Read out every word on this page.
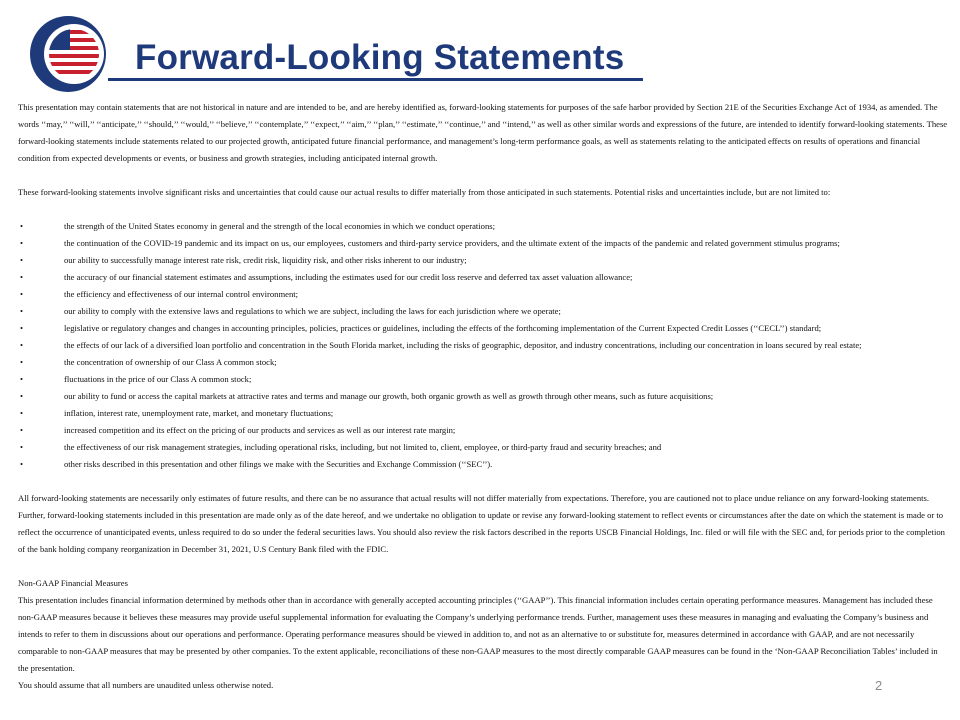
Forward-Looking Statements

This presentation may contain statements that are not historical in nature and are intended to be, and are hereby identified as, forward-looking statements for purposes of the safe harbor provided by Section 21E of the Securities Exchange Act of 1934, as amended. The words ‘‘may,’’ ‘‘will,’’ ‘‘anticipate,’’ ‘‘should,’’ ‘‘would,’’ ‘‘believe,’’ ‘‘contemplate,’’ ‘‘expect,’’ ‘‘aim,’’ ‘‘plan,’’ ‘‘estimate,’’ ‘‘continue,’’ and ‘‘intend,’’ as well as other similar words and expressions of the future, are intended to identify forward-looking statements. These forward-looking statements include statements related to our projected growth, anticipated future financial performance, and management’s long-term performance goals, as well as statements relating to the anticipated effects on results of operations and financial condition from expected developments or events, or business and growth strategies, including anticipated internal growth.

These forward-looking statements involve significant risks and uncertainties that could cause our actual results to differ materially from those anticipated in such statements. Potential risks and uncertainties include, but are not limited to:

•	the strength of the United States economy in general and the strength of the local economies in which we conduct operations;
•	the continuation of the COVID-19 pandemic and its impact on us, our employees, customers and third-party service providers, and the ultimate extent of the impacts of the pandemic and related government stimulus programs;
•	our ability to successfully manage interest rate risk, credit risk, liquidity risk, and other risks inherent to our industry;
•	the accuracy of our financial statement estimates and assumptions, including the estimates used for our credit loss reserve and deferred tax asset valuation allowance;
•	the efficiency and effectiveness of our internal control environment;
•	our ability to comply with the extensive laws and regulations to which we are subject, including the laws for each jurisdiction where we operate;
•	legislative or regulatory changes and changes in accounting principles, policies, practices or guidelines, including the effects of the forthcoming implementation of the Current Expected Credit Losses (‘‘CECL’’) standard;
•	the effects of our lack of a diversified loan portfolio and concentration in the South Florida market, including the risks of geographic, depositor, and industry concentrations, including our concentration in loans secured by real estate;
•	the concentration of ownership of our Class A common stock;
•	fluctuations in the price of our Class A common stock;
•	our ability to fund or access the capital markets at attractive rates and terms and manage our growth, both organic growth as well as growth through other means, such as future acquisitions;
•	inflation, interest rate, unemployment rate, market, and monetary fluctuations;
•	increased competition and its effect on the pricing of our products and services as well as our interest rate margin;
•	the effectiveness of our risk management strategies, including operational risks, including, but not limited to, client, employee, or third-party fraud and security breaches; and
•	other risks described in this presentation and other filings we make with the Securities and Exchange Commission (‘‘SEC’’).

All forward-looking statements are necessarily only estimates of future results, and there can be no assurance that actual results will not differ materially from expectations. Therefore, you are cautioned not to place undue reliance on any forward-looking statements. Further, forward-looking statements included in this presentation are made only as of the date hereof, and we undertake no obligation to update or revise any forward-looking statement to reflect events or circumstances after the date on which the statement is made or to reflect the occurrence of unanticipated events, unless required to do so under the federal securities laws. You should also review the risk factors described in the reports USCB Financial Holdings, Inc. filed or will file with the SEC and, for periods prior to the completion of the bank holding company reorganization in December 31, 2021, U.S Century Bank filed with the FDIC.

Non-GAAP Financial Measures

This presentation includes financial information determined by methods other than in accordance with generally accepted accounting principles (‘‘GAAP’’). This financial information includes certain operating performance measures. Management has included these non-GAAP measures because it believes these measures may provide useful supplemental information for evaluating the Company’s underlying performance trends. Further, management uses these measures in managing and evaluating the Company’s business and intends to refer to them in discussions about our operations and performance. Operating performance measures should be viewed in addition to, and not as an alternative to or substitute for, measures determined in accordance with GAAP, and are not necessarily comparable to non-GAAP measures that may be presented by other companies. To the extent applicable, reconciliations of these non-GAAP measures to the most directly comparable GAAP measures can be found in the ‘Non-GAAP Reconciliation Tables’ included in the presentation.

You should assume that all numbers are unaudited unless otherwise noted.	2
